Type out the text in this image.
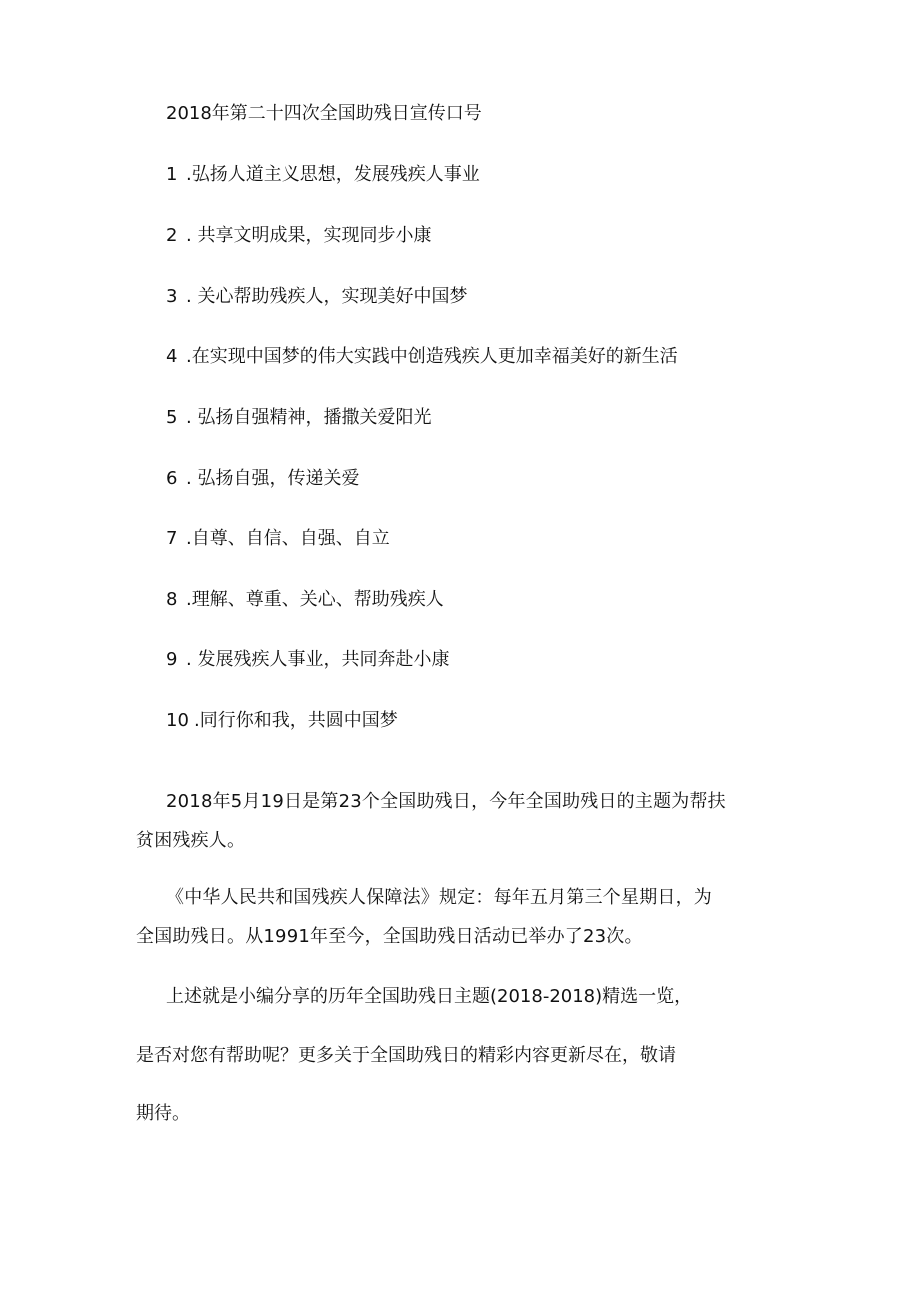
2018年第二十四次全国助残日宣传口号
1 .弘扬人道主义思想，发展残疾人事业
2 . 共享文明成果，实现同步小康
3 . 关心帮助残疾人，实现美好中国梦
4 .在实现中国梦的伟大实践中创造残疾人更加幸福美好的新生活
5 . 弘扬自强精神，播撒关爱阳光
6 . 弘扬自强，传递关爱
7 .自尊、自信、自强、自立
8 .理解、尊重、关心、帮助残疾人
9 . 发展残疾人事业，共同奔赴小康
10 .同行你和我，共圆中国梦
2018年5月19日是第23个全国助残日，今年全国助残日的主题为帮扶
贫困残疾人。
《中华人民共和国残疾人保障法》规定：每年五月第三个星期日，为
全国助残日。从1991年至今，全国助残日活动已举办了23次。
上述就是小编分享的历年全国助残日主题(2018-2018)精选一览，
是否对您有帮助呢？更多关于全国助残日的精彩内容更新尽在，敬请
期待。
